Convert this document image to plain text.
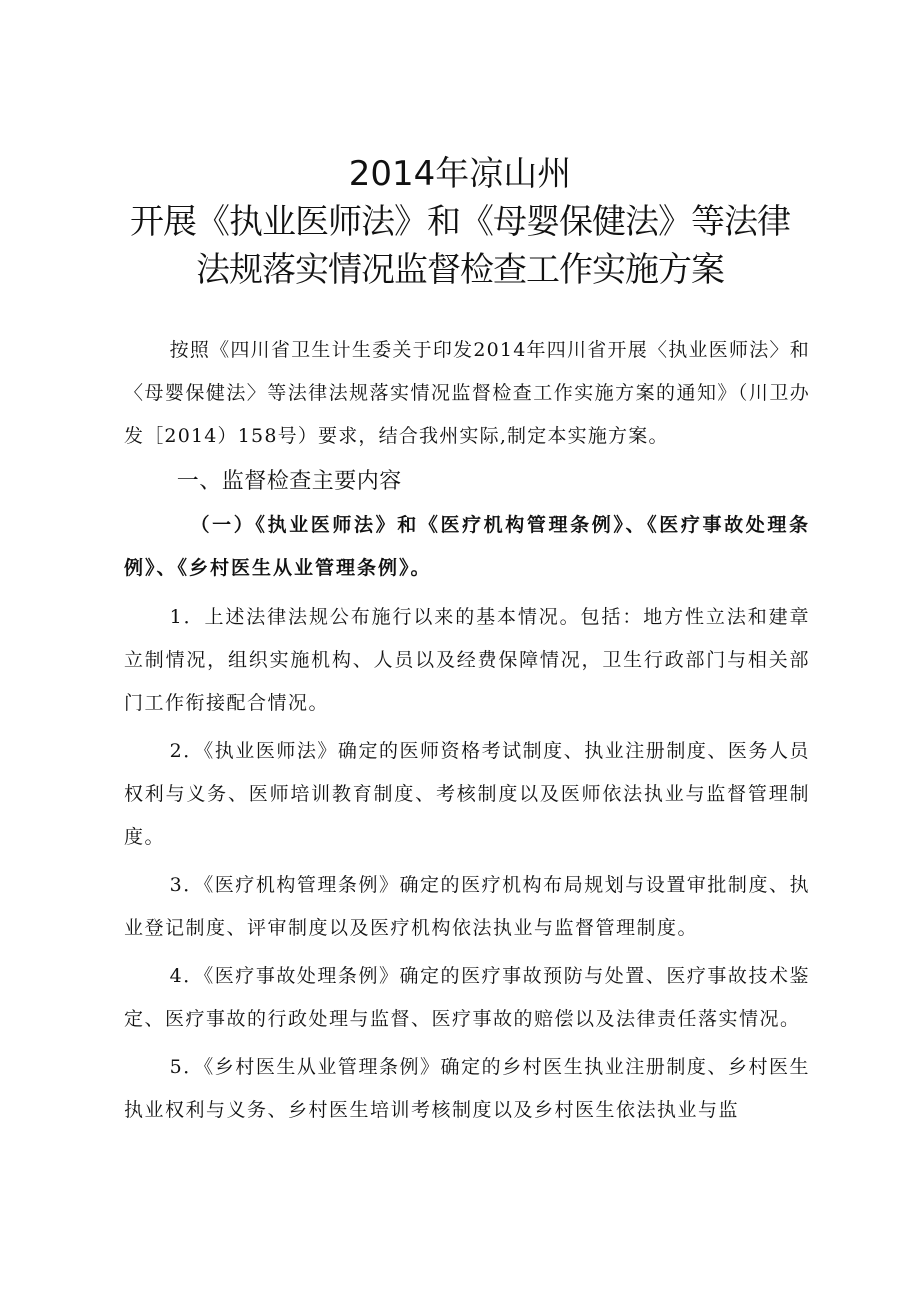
2014年凉山州
开展《执业医师法》和《母婴保健法》等法律
法规落实情况监督检查工作实施方案

按照《四川省卫生计生委关于印发2014年四川省开展〈执业医师法〉和〈母婴保健法〉等法律法规落实情况监督检查工作实施方案的通知》（川卫办发［2014）158号）要求，结合我州实际,制定本实施方案。

一、监督检查主要内容

（一）《执业医师法》和《医疗机构管理条例》、《医疗事故处理条例》、《乡村医生从业管理条例》。

1．上述法律法规公布施行以来的基本情况。包括：地方性立法和建章立制情况，组织实施机构、人员以及经费保障情况，卫生行政部门与相关部门工作衔接配合情况。

2．《执业医师法》确定的医师资格考试制度、执业注册制度、医务人员权利与义务、医师培训教育制度、考核制度以及医师依法执业与监督管理制度。

3．《医疗机构管理条例》确定的医疗机构布局规划与设置审批制度、执业登记制度、评审制度以及医疗机构依法执业与监督管理制度。

4．《医疗事故处理条例》确定的医疗事故预防与处置、医疗事故技术鉴定、医疗事故的行政处理与监督、医疗事故的赔偿以及法律责任落实情况。

5．《乡村医生从业管理条例》确定的乡村医生执业注册制度、乡村医生执业权利与义务、乡村医生培训考核制度以及乡村医生依法执业与监
